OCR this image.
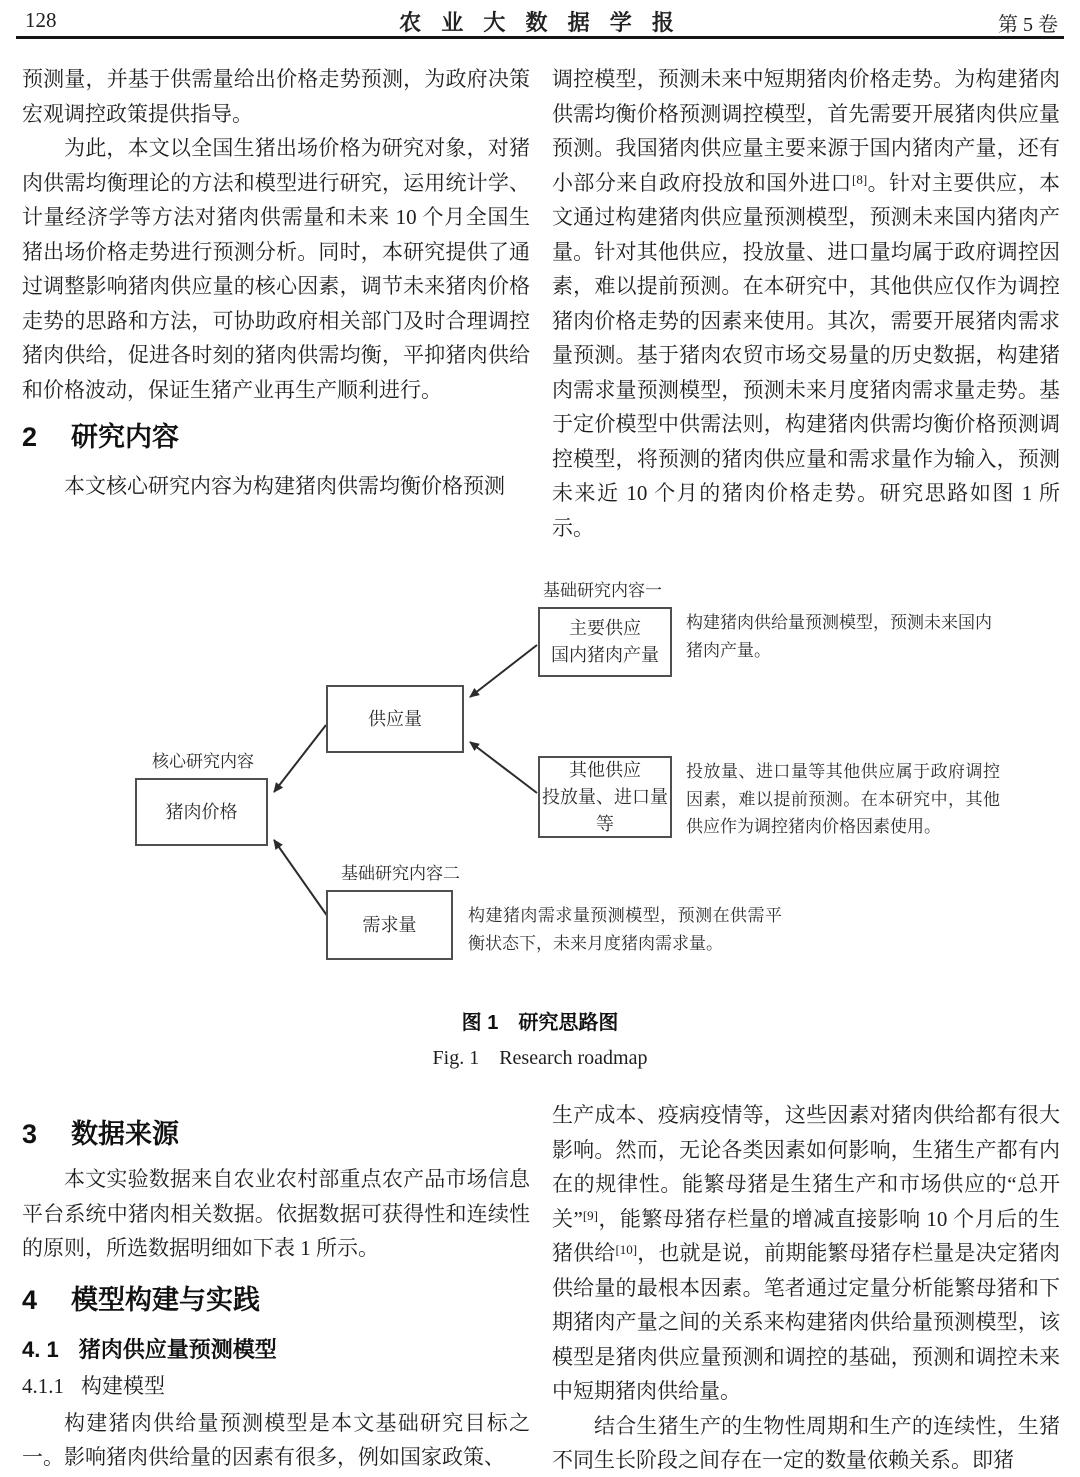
128	农 业 大 数 据 学 报	第 5 卷

预测量，并基于供需量给出价格走势预测，为政府决策宏观调控政策提供指导。

为此，本文以全国生猪出场价格为研究对象，对猪肉供需均衡理论的方法和模型进行研究，运用统计学、计量经济学等方法对猪肉供需量和未来 10 个月全国生猪出场价格走势进行预测分析。同时，本研究提供了通过调整影响猪肉供应量的核心因素，调节未来猪肉价格走势的思路和方法，可协助政府相关部门及时合理调控猪肉供给，促进各时刻的猪肉供需均衡，平抑猪肉供给和价格波动，保证生猪产业再生产顺利进行。

2 研究内容

本文核心研究内容为构建猪肉供需均衡价格预测

调控模型，预测未来中短期猪肉价格走势。为构建猪肉供需均衡价格预测调控模型，首先需要开展猪肉供应量预测。我国猪肉供应量主要来源于国内猪肉产量，还有小部分来自政府投放和国外进口[8]。针对主要供应，本文通过构建猪肉供应量预测模型，预测未来国内猪肉产量。针对其他供应，投放量、进口量均属于政府调控因素，难以提前预测。在本研究中，其他供应仅作为调控猪肉价格走势的因素来使用。其次，需要开展猪肉需求量预测。基于猪肉农贸市场交易量的历史数据，构建猪肉需求量预测模型，预测未来月度猪肉需求量走势。基于定价模型中供需法则，构建猪肉供需均衡价格预测调控模型，将预测的猪肉供应量和需求量作为输入，预测未来近 10 个月的猪肉价格走势。研究思路如图 1 所示。

核心研究内容
基础研究内容一
基础研究内容二
猪肉价格
供应量
主要供应
国内猪肉产量
其他供应
投放量、进口量等
需求量
构建猪肉供给量预测模型，预测未来国内猪肉产量。
投放量、进口量等其他供应属于政府调控因素，难以提前预测。在本研究中，其他供应作为调控猪肉价格因素使用。
构建猪肉需求量预测模型，预测在供需平衡状态下，未来月度猪肉需求量。
图 1　研究思路图
Fig. 1　Research roadmap
3 数据来源

本文实验数据来自农业农村部重点农产品市场信息平台系统中猪肉相关数据。依据数据可获得性和连续性的原则，所选数据明细如下表 1 所示。

4 模型构建与实践
4. 1 猪肉供应量预测模型
4.1.1 构建模型

构建猪肉供给量预测模型是本文基础研究目标之一。影响猪肉供给量的因素有很多，例如国家政策、

生产成本、疫病疫情等，这些因素对猪肉供给都有很大影响。然而，无论各类因素如何影响，生猪生产都有内在的规律性。能繁母猪是生猪生产和市场供应的“总开关”[9]，能繁母猪存栏量的增减直接影响 10 个月后的生猪供给[10]，也就是说，前期能繁母猪存栏量是决定猪肉供给量的最根本因素。笔者通过定量分析能繁母猪和下期猪肉产量之间的关系来构建猪肉供给量预测模型，该模型是猪肉供应量预测和调控的基础，预测和调控未来中短期猪肉供给量。

结合生猪生产的生物性周期和生产的连续性，生猪不同生长阶段之间存在一定的数量依赖关系。即猪
